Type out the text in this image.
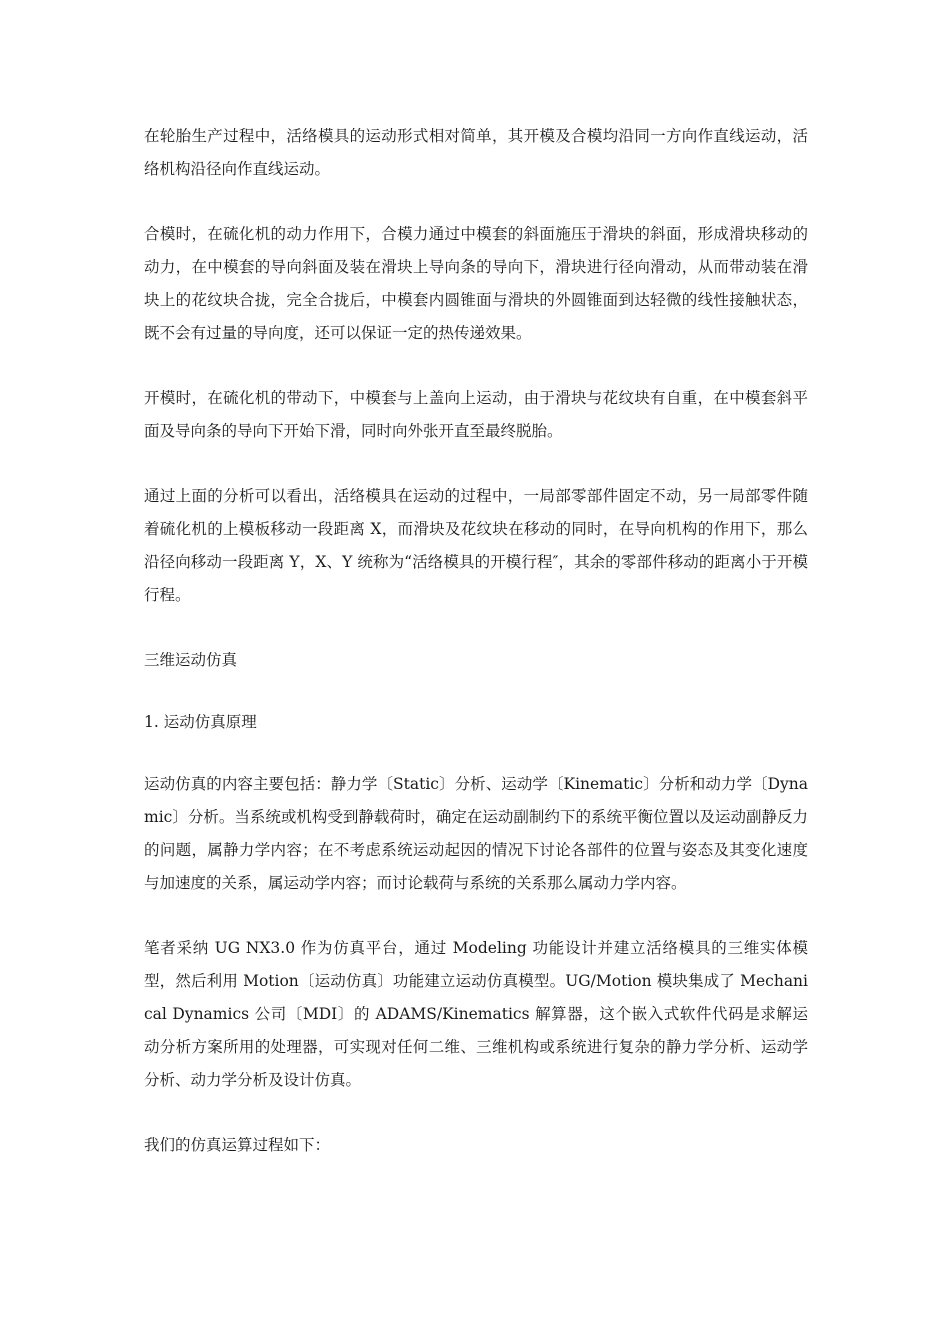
在轮胎生产过程中，活络模具的运动形式相对简单，其开模及合模均沿同一方向作直线运动，活络机构沿径向作直线运动。

合模时，在硫化机的动力作用下，合模力通过中模套的斜面施压于滑块的斜面，形成滑块移动的动力，在中模套的导向斜面及装在滑块上导向条的导向下，滑块进行径向滑动，从而带动装在滑块上的花纹块合拢，完全合拢后，中模套内圆锥面与滑块的外圆锥面到达轻微的线性接触状态，既不会有过量的导向度，还可以保证一定的热传递效果。

开模时，在硫化机的带动下，中模套与上盖向上运动，由于滑块与花纹块有自重，在中模套斜平面及导向条的导向下开始下滑，同时向外张开直至最终脱胎。

通过上面的分析可以看出，活络模具在运动的过程中，一局部零部件固定不动，另一局部零件随着硫化机的上模板移动一段距离 X，而滑块及花纹块在移动的同时，在导向机构的作用下，那么沿径向移动一段距离 Y，X、Y 统称为“活络模具的开模行程″，其余的零部件移动的距离小于开模行程。

三维运动仿真

1. 运动仿真原理

运动仿真的内容主要包括：静力学〔Static〕分析、运动学〔Kinematic〕分析和动力学〔Dynamic〕分析。当系统或机构受到静载荷时，确定在运动副制约下的系统平衡位置以及运动副静反力的问题，属静力学内容；在不考虑系统运动起因的情况下讨论各部件的位置与姿态及其变化速度与加速度的关系，属运动学内容；而讨论载荷与系统的关系那么属动力学内容。

笔者采纳 UG NX3.0 作为仿真平台，通过 Modeling 功能设计并建立活络模具的三维实体模型，然后利用 Motion〔运动仿真〕功能建立运动仿真模型。UG/Motion 模块集成了 Mechanical Dynamics 公司〔MDI〕的 ADAMS/Kinematics 解算器，这个嵌入式软件代码是求解运动分析方案所用的处理器，可实现对任何二维、三维机构或系统进行复杂的静力学分析、运动学分析、动力学分析及设计仿真。

我们的仿真运算过程如下：
